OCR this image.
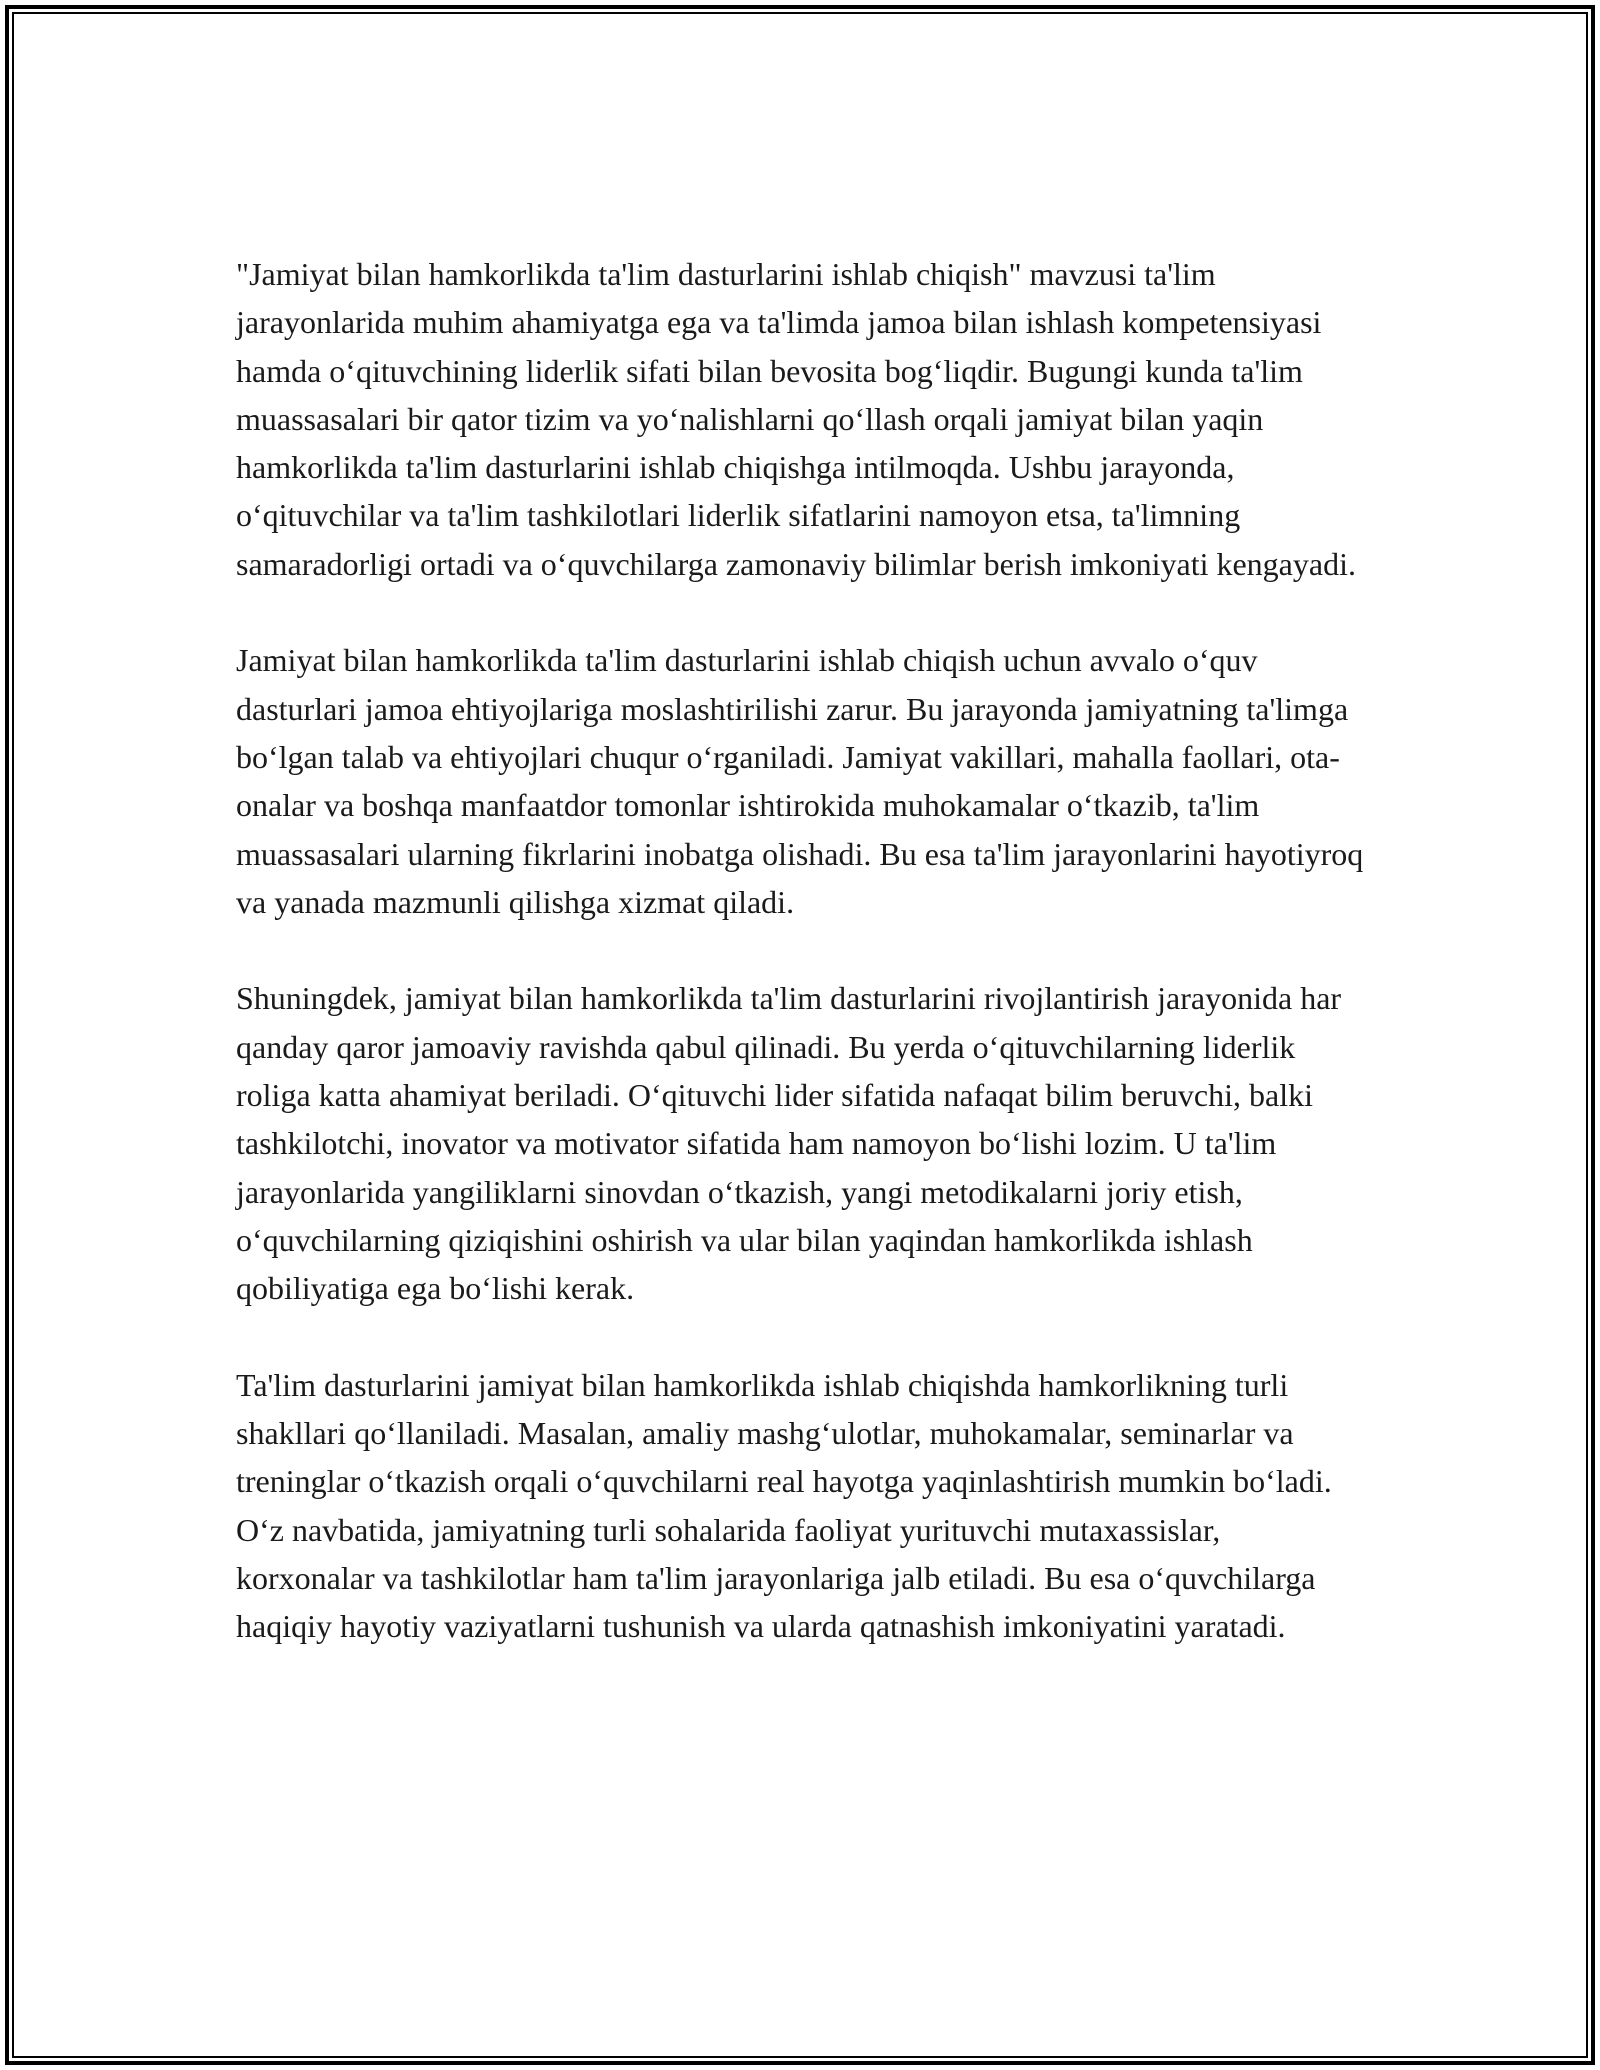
"Jamiyat bilan hamkorlikda ta'lim dasturlarini ishlab chiqish" mavzusi ta'lim jarayonlarida muhim ahamiyatga ega va ta'limda jamoa bilan ishlash kompetensiyasi hamda o‘qituvchining liderlik sifati bilan bevosita bog‘liqdir. Bugungi kunda ta'lim muassasalari bir qator tizim va yo‘nalishlarni qo‘llash orqali jamiyat bilan yaqin hamkorlikda ta'lim dasturlarini ishlab chiqishga intilmoqda. Ushbu jarayonda, o‘qituvchilar va ta'lim tashkilotlari liderlik sifatlarini namoyon etsa, ta'limning samaradorligi ortadi va o‘quvchilarga zamonaviy bilimlar berish imkoniyati kengayadi.

Jamiyat bilan hamkorlikda ta'lim dasturlarini ishlab chiqish uchun avvalo o‘quv dasturlari jamoa ehtiyojlariga moslashtirilishi zarur. Bu jarayonda jamiyatning ta'limga bo‘lgan talab va ehtiyojlari chuqur o‘rganiladi. Jamiyat vakillari, mahalla faollari, ota-onalar va boshqa manfaatdor tomonlar ishtirokida muhokamalar o‘tkazib, ta'lim muassasalari ularning fikrlarini inobatga olishadi. Bu esa ta'lim jarayonlarini hayotiyroq va yanada mazmunli qilishga xizmat qiladi.

Shuningdek, jamiyat bilan hamkorlikda ta'lim dasturlarini rivojlantirish jarayonida har qanday qaror jamoaviy ravishda qabul qilinadi. Bu yerda o‘qituvchilarning liderlik roliga katta ahamiyat beriladi. O‘qituvchi lider sifatida nafaqat bilim beruvchi, balki tashkilotchi, inovator va motivator sifatida ham namoyon bo‘lishi lozim. U ta'lim jarayonlarida yangiliklarni sinovdan o‘tkazish, yangi metodikalarni joriy etish, o‘quvchilarning qiziqishini oshirish va ular bilan yaqindan hamkorlikda ishlash qobiliyatiga ega bo‘lishi kerak.

Ta'lim dasturlarini jamiyat bilan hamkorlikda ishlab chiqishda hamkorlikning turli shakllari qo‘llaniladi. Masalan, amaliy mashg‘ulotlar, muhokamalar, seminarlar va treninglar o‘tkazish orqali o‘quvchilarni real hayotga yaqinlashtirish mumkin bo‘ladi. O‘z navbatida, jamiyatning turli sohalarida faoliyat yurituvchi mutaxassislar, korxonalar va tashkilotlar ham ta'lim jarayonlariga jalb etiladi. Bu esa o‘quvchilarga haqiqiy hayotiy vaziyatlarni tushunish va ularda qatnashish imkoniyatini yaratadi.
